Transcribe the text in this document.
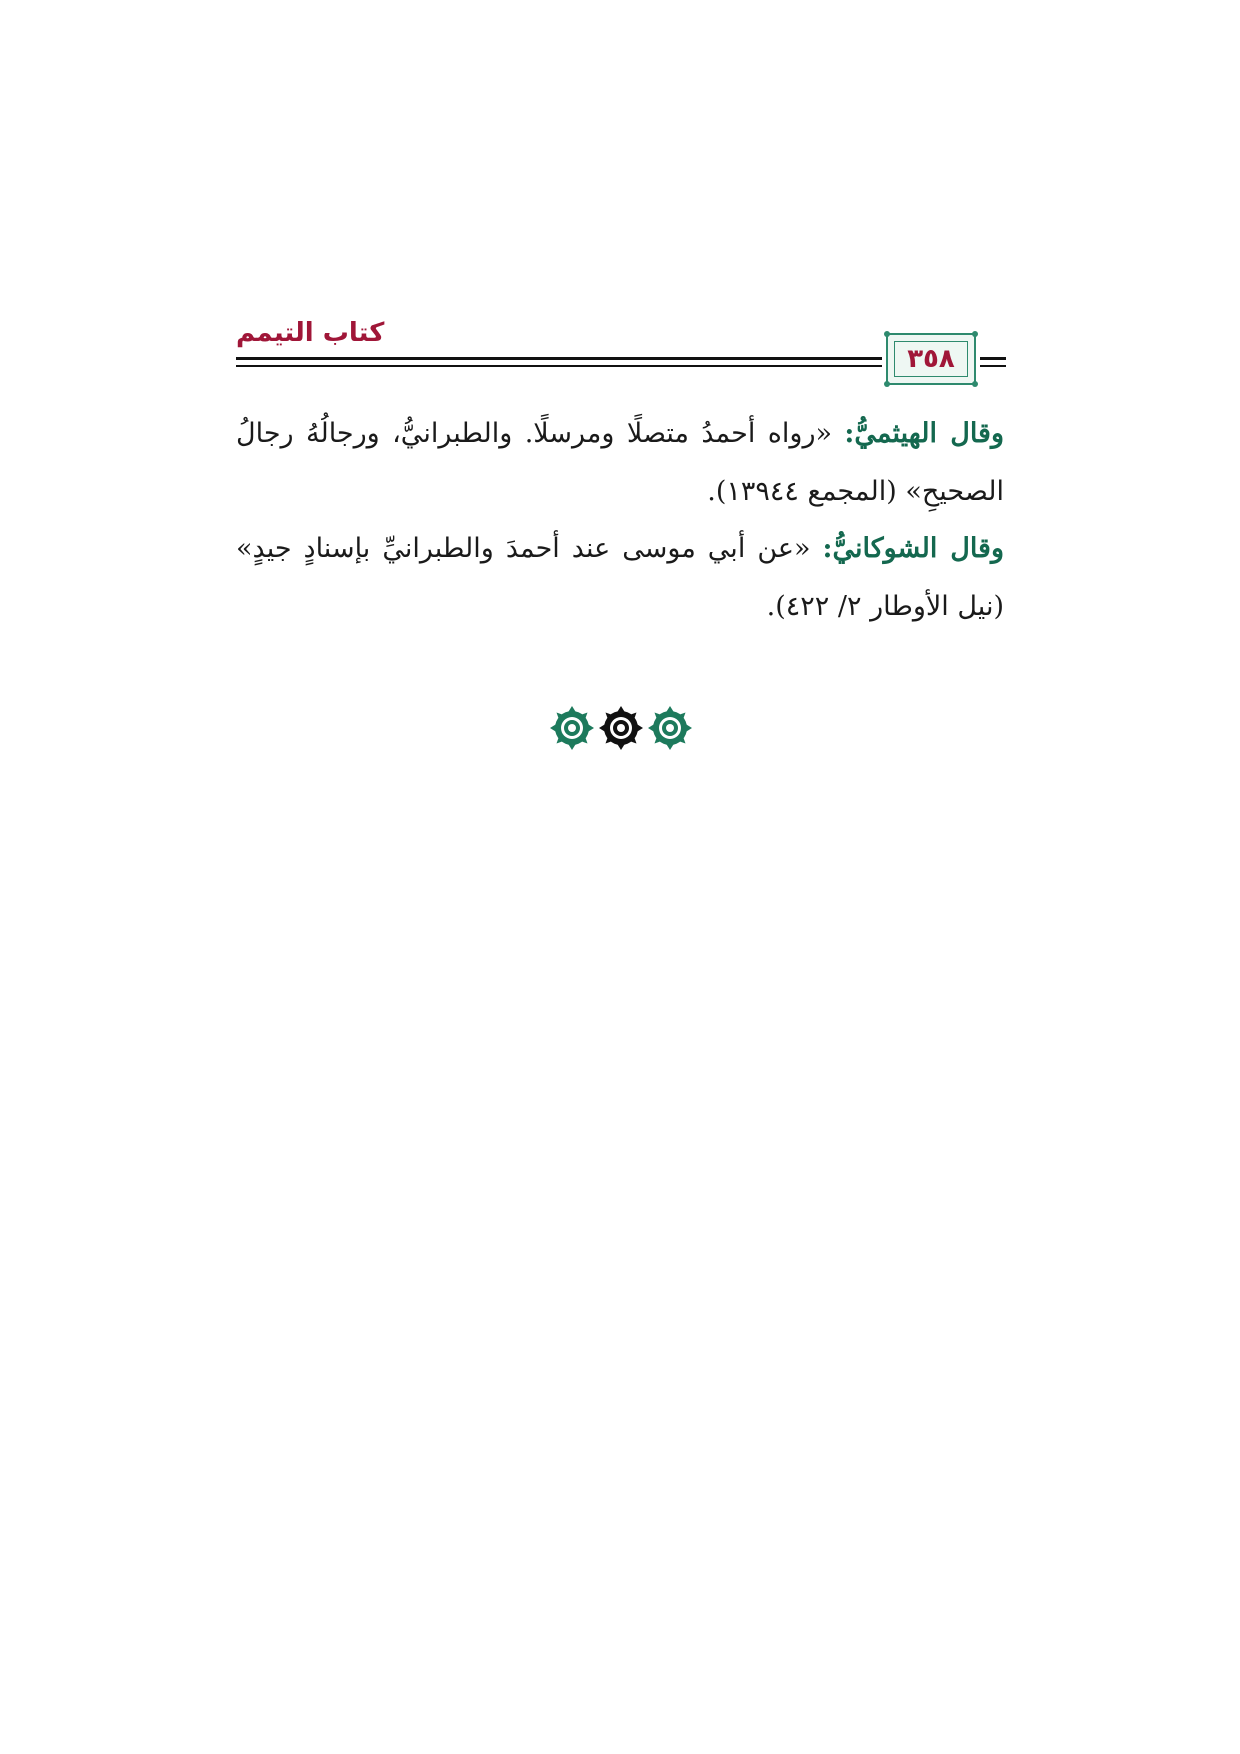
كتاب التيمم
٣٥٨
وقال الهيثميُّ: «رواه أحمدُ متصلًا ومرسلًا. والطبرانيُّ، ورجالُهُ رجالُ الصحيحِ» (المجمع ١٣٩٤٤).
وقال الشوكانيُّ: «عن أبي موسى عند أحمدَ والطبرانيِّ بإسنادٍ جيدٍ» (نيل الأوطار ٢/ ٤٢٢).
